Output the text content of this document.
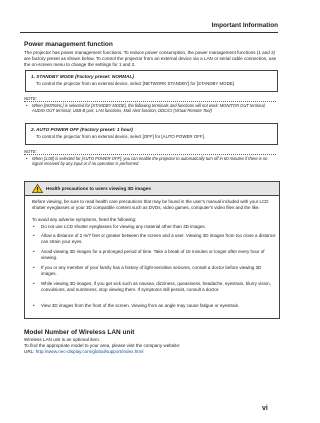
Important Information
Power management function
The projector has power management functions. To reduce power consumption, the power management functions (1 and 2) are factory preset as shown below. To control the projector from an external device via a LAN or serial cable connection, use the on-screen menu to change the settings for 1 and 2.
1. STANDBY MODE (Factory preset: NORMAL)
To control the projector from an external device, select [NETWORK STANDBY] for [STANDBY MODE].
NOTE:
• When [NORMAL] is selected for [STANDBY MODE], the following terminals and functions will not work: MONITOR OUT terminal, AUDIO OUT terminal, USB-B port, LAN functions, Mail Alert function, DDC/CI (Virtual Remote Tool)
2. AUTO POWER OFF (Factory preset: 1 hour)
To control the projector from an external device, select [OFF] for [AUTO POWER OFF].
NOTE:
• When [1:00] is selected for [AUTO POWER OFF], you can enable the projector to automatically turn off in 60 minutes if there is no signal received by any input or if no operation is performed.
Health precautions to users viewing 3D images
Before viewing, be sure to read health care precautions that may be found in the user's manual included with your LCD shutter eyeglasses or your 3D compatible content such as DVDs, video games, computer's video files and the like.
To avoid any adverse symptoms, heed the following:
• Do not use LCD shutter eyeglasses for viewing any material other than 3D images.
• Allow a distance of 2 m/7 feet or greater between the screen and a user. Viewing 3D images from too close a distance can strain your eyes.
• Avoid viewing 3D images for a prolonged period of time. Take a break of 15 minutes or longer after every hour of viewing.
• If you or any member of your family has a history of light-sensitive seizures, consult a doctor before viewing 3D images.
• While viewing 3D images, if you get sick such as nausea, dizziness, queasiness, headache, eyestrain, blurry vision, convulsions, and numbness, stop viewing them. If symptoms still persist, consult a doctor.
• View 3D images from the front of the screen. Viewing from an angle may cause fatigue or eyestrain.
Model Number of Wireless LAN unit
Wireless LAN unit is an optional item.
To find the appropriate model to your area, please visit the company website:
URL: http://www.nec-display.com/global/support/index.html
vi
